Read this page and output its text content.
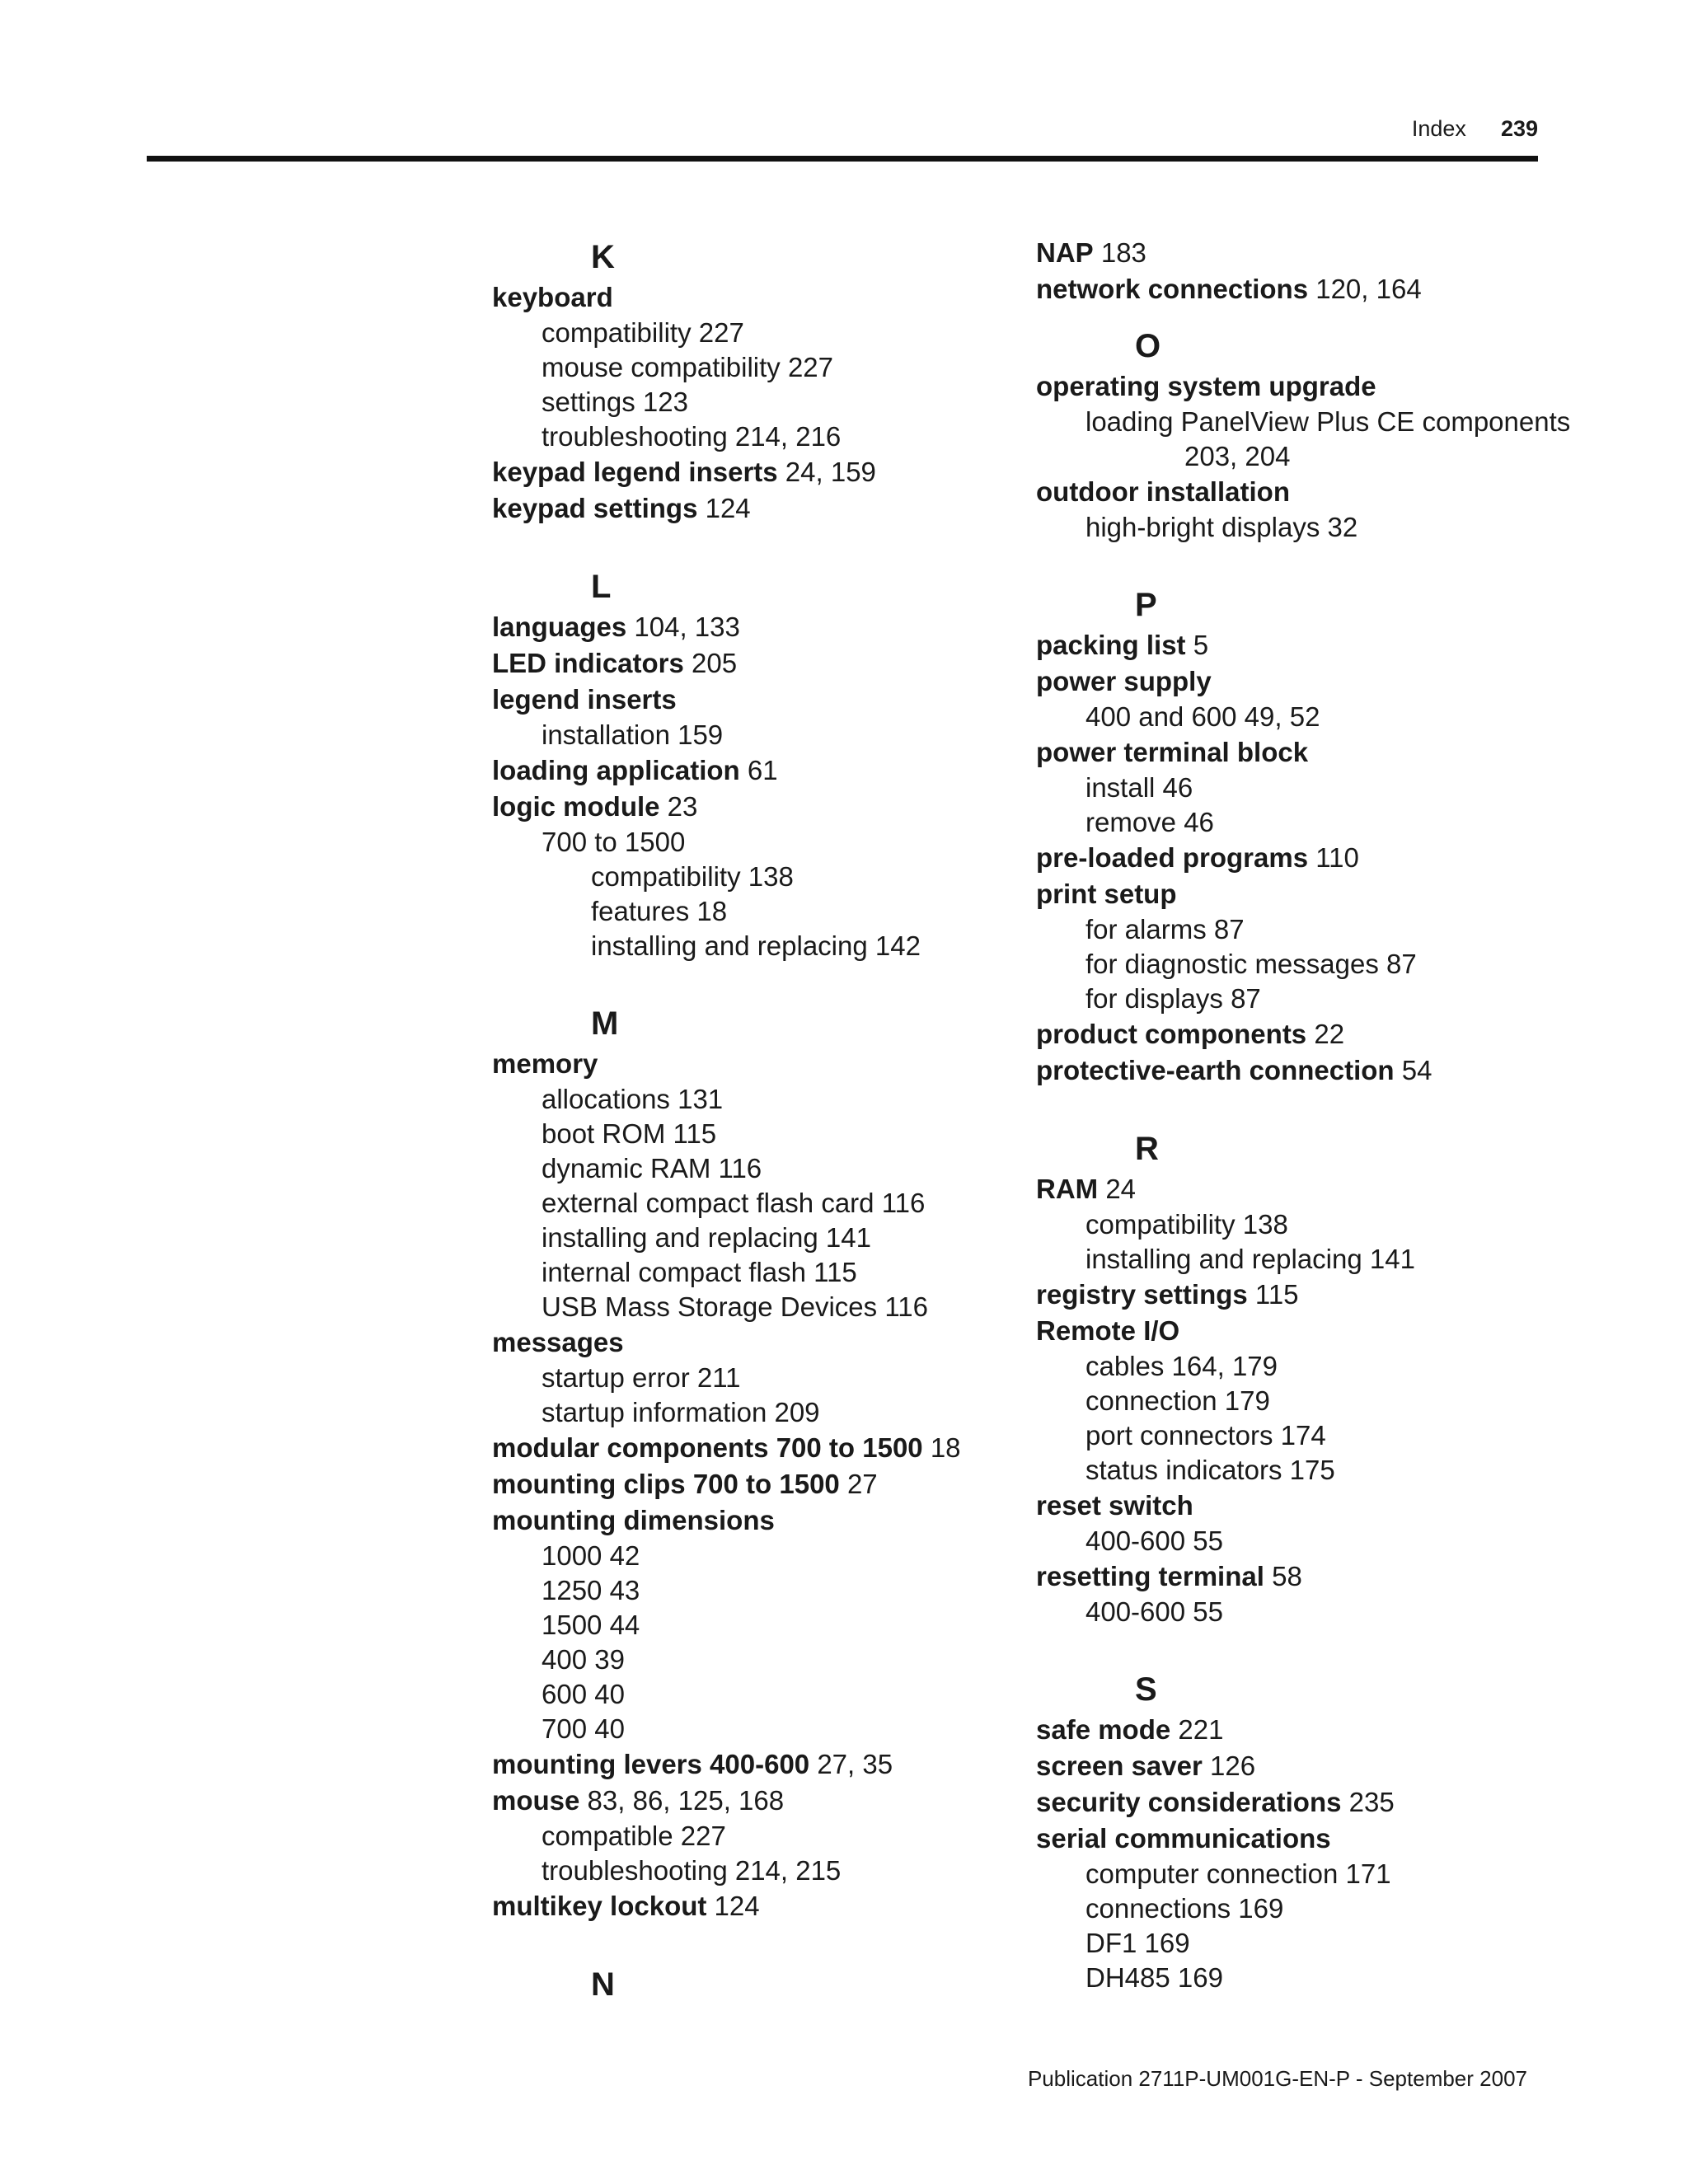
Index 239
K
keyboard
compatibility 227
mouse compatibility 227
settings 123
troubleshooting 214, 216
keypad legend inserts 24, 159
keypad settings 124
L
languages 104, 133
LED indicators 205
legend inserts
installation 159
loading application 61
logic module 23
700 to 1500
compatibility 138
features 18
installing and replacing 142
M
memory
allocations 131
boot ROM 115
dynamic RAM 116
external compact flash card 116
installing and replacing 141
internal compact flash 115
USB Mass Storage Devices 116
messages
startup error 211
startup information 209
modular components 700 to 1500 18
mounting clips 700 to 1500 27
mounting dimensions
1000 42
1250 43
1500 44
400 39
600 40
700 40
mounting levers 400-600 27, 35
mouse 83, 86, 125, 168
compatible 227
troubleshooting 214, 215
multikey lockout 124
N
NAP 183
network connections 120, 164
O
operating system upgrade
loading PanelView Plus CE components
203, 204
outdoor installation
high-bright displays 32
P
packing list 5
power supply
400 and 600 49, 52
power terminal block
install 46
remove 46
pre-loaded programs 110
print setup
for alarms 87
for diagnostic messages 87
for displays 87
product components 22
protective-earth connection 54
R
RAM 24
compatibility 138
installing and replacing 141
registry settings 115
Remote I/O
cables 164, 179
connection 179
port connectors 174
status indicators 175
reset switch
400-600 55
resetting terminal 58
400-600 55
S
safe mode 221
screen saver 126
security considerations 235
serial communications
computer connection 171
connections 169
DF1 169
DH485 169
Publication 2711P-UM001G-EN-P - September 2007
